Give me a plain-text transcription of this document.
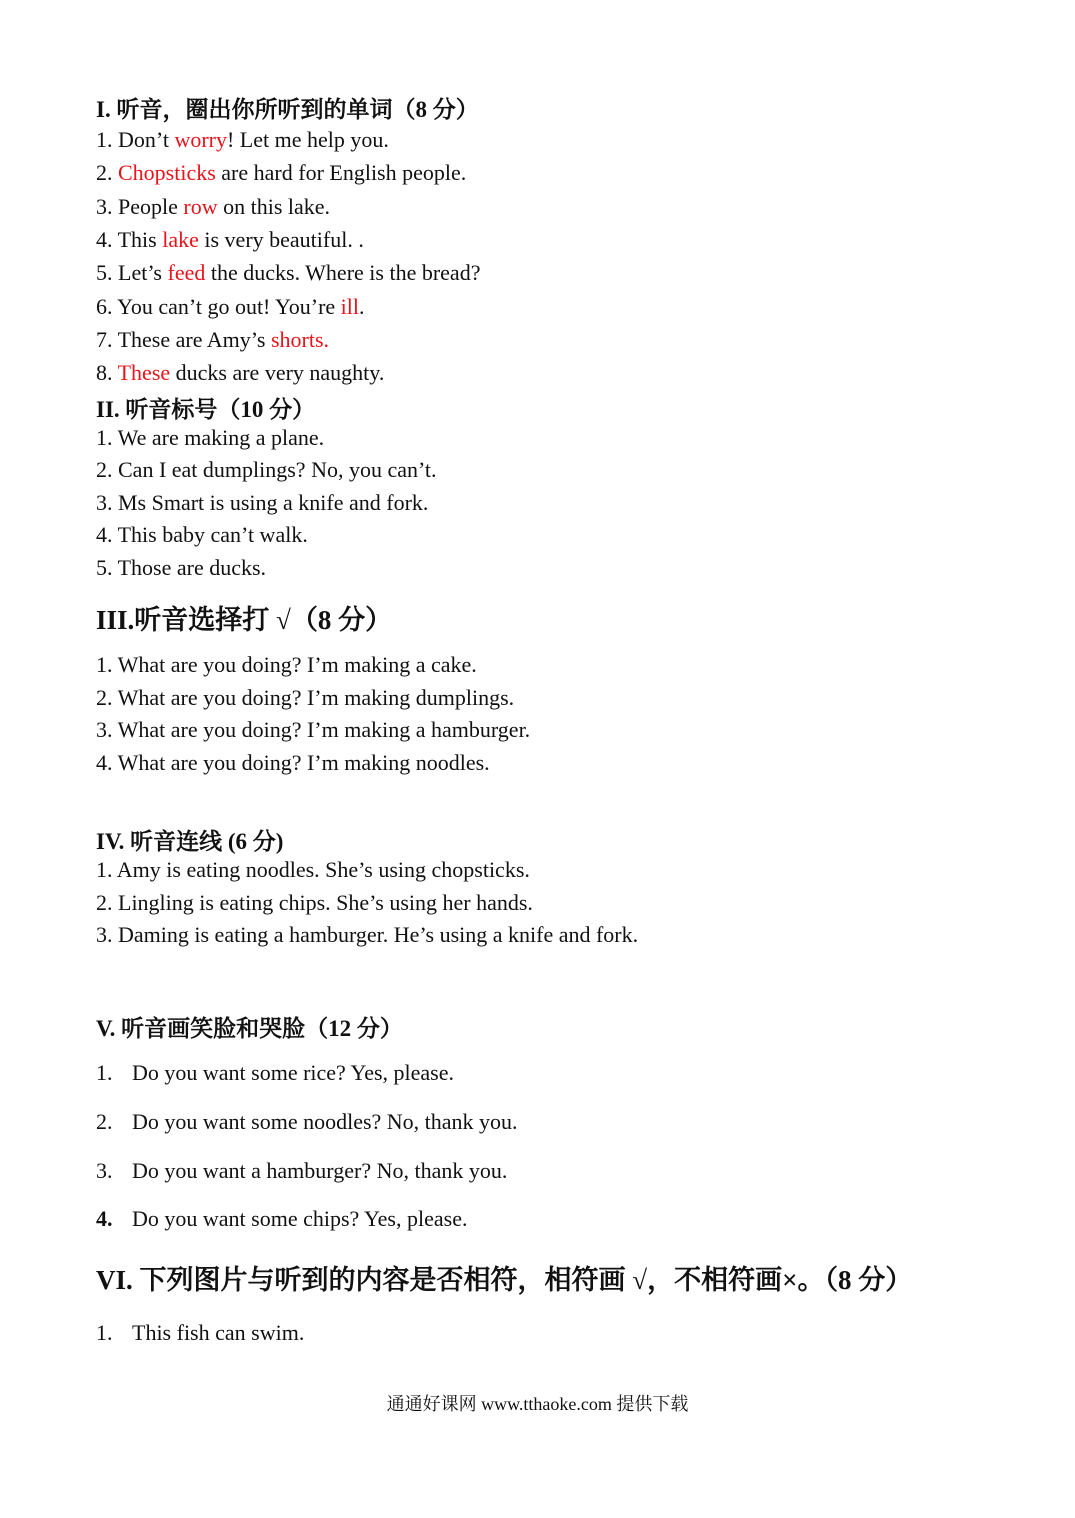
I. 听音，圈出你所听到的单词（8 分）
1. Don’t worry! Let me help you.
2. Chopsticks are hard for English people.
3. People row on this lake.
4. This lake is very beautiful. .
5. Let’s feed the ducks. Where is the bread?
6. You can’t go out! You’re ill.
7. These are Amy’s shorts.
8. These ducks are very naughty.
II. 听音标号（10 分）
1. We are making a plane.
2. Can I eat dumplings? No, you can’t.
3. Ms Smart is using a knife and fork.
4. This baby can’t walk.
5. Those are ducks.
III.听音选择打 √（8 分）
1. What are you doing? I’m making a cake.
2. What are you doing? I’m making dumplings.
3. What are you doing? I’m making a hamburger.
4. What are you doing? I’m making noodles.
IV. 听音连线 (6 分)
1. Amy is eating noodles. She’s using chopsticks.
2. Lingling is eating chips. She’s using her hands.
3. Daming is eating a hamburger. He’s using a knife and fork.
V. 听音画笑脸和哭脸（12 分）
1. Do you want some rice? Yes, please.
2. Do you want some noodles? No, thank you.
3. Do you want a hamburger? No, thank you.
4. Do you want some chips? Yes, please.
VI. 下列图片与听到的内容是否相符，相符画 √，不相符画×。（8 分）
1. This fish can swim.
通通好课网 www.tthaoke.com 提供下载
